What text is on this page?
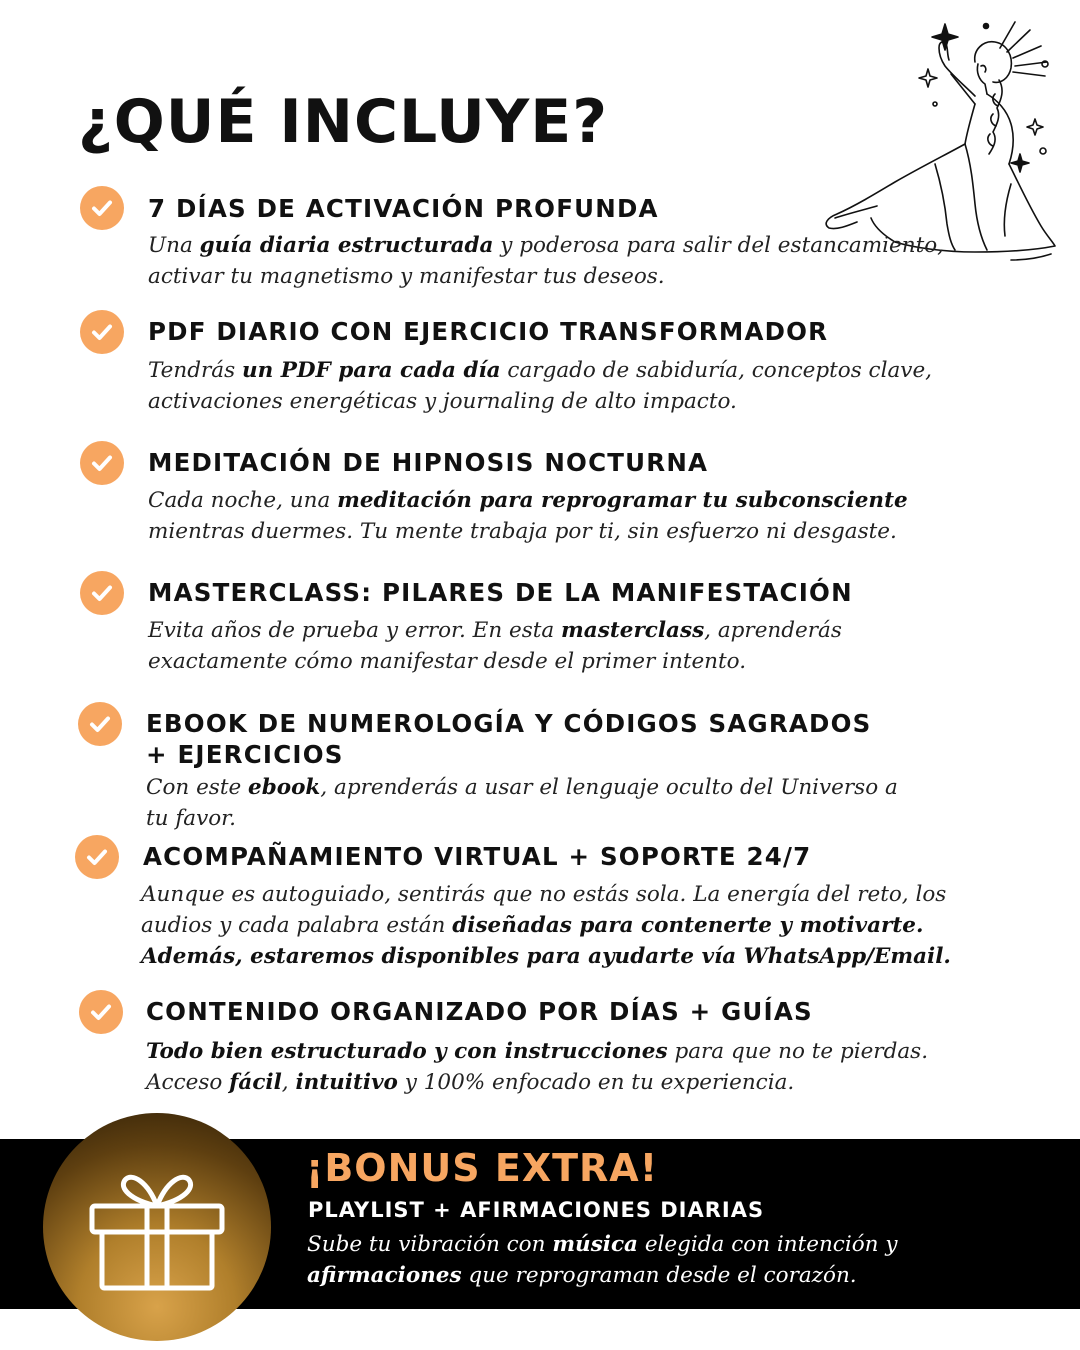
¿QUÉ INCLUYE?
7 DÍAS DE ACTIVACIÓN PROFUNDA

Una guía diaria estructurada y poderosa para salir del estancamiento, activar tu magnetismo y manifestar tus deseos.

PDF DIARIO CON EJERCICIO TRANSFORMADOR

Tendrás un PDF para cada día cargado de sabiduría, conceptos clave, activaciones energéticas y journaling de alto impacto.

MEDITACIÓN DE HIPNOSIS NOCTURNA

Cada noche, una meditación para reprogramar tu subconsciente mientras duermes. Tu mente trabaja por ti, sin esfuerzo ni desgaste.

MASTERCLASS: PILARES DE LA MANIFESTACIÓN

Evita años de prueba y error. En esta masterclass, aprenderás exactamente cómo manifestar desde el primer intento.

EBOOK DE NUMEROLOGÍA Y CÓDIGOS SAGRADOS
+ EJERCICIOS

Con este ebook, aprenderás a usar el lenguaje oculto del Universo a tu favor.

ACOMPAÑAMIENTO VIRTUAL + SOPORTE 24/7

Aunque es autoguiado, sentirás que no estás sola. La energía del reto, los audios y cada palabra están diseñadas para contenerte y motivarte. Además, estaremos disponibles para ayudarte vía WhatsApp/Email.

CONTENIDO ORGANIZADO POR DÍAS + GUÍAS

Todo bien estructurado y con instrucciones para que no te pierdas. Acceso fácil, intuitivo y 100% enfocado en tu experiencia.

¡BONUS EXTRA!
PLAYLIST + AFIRMACIONES DIARIAS

Sube tu vibración con música elegida con intención y afirmaciones que reprograman desde el corazón.
